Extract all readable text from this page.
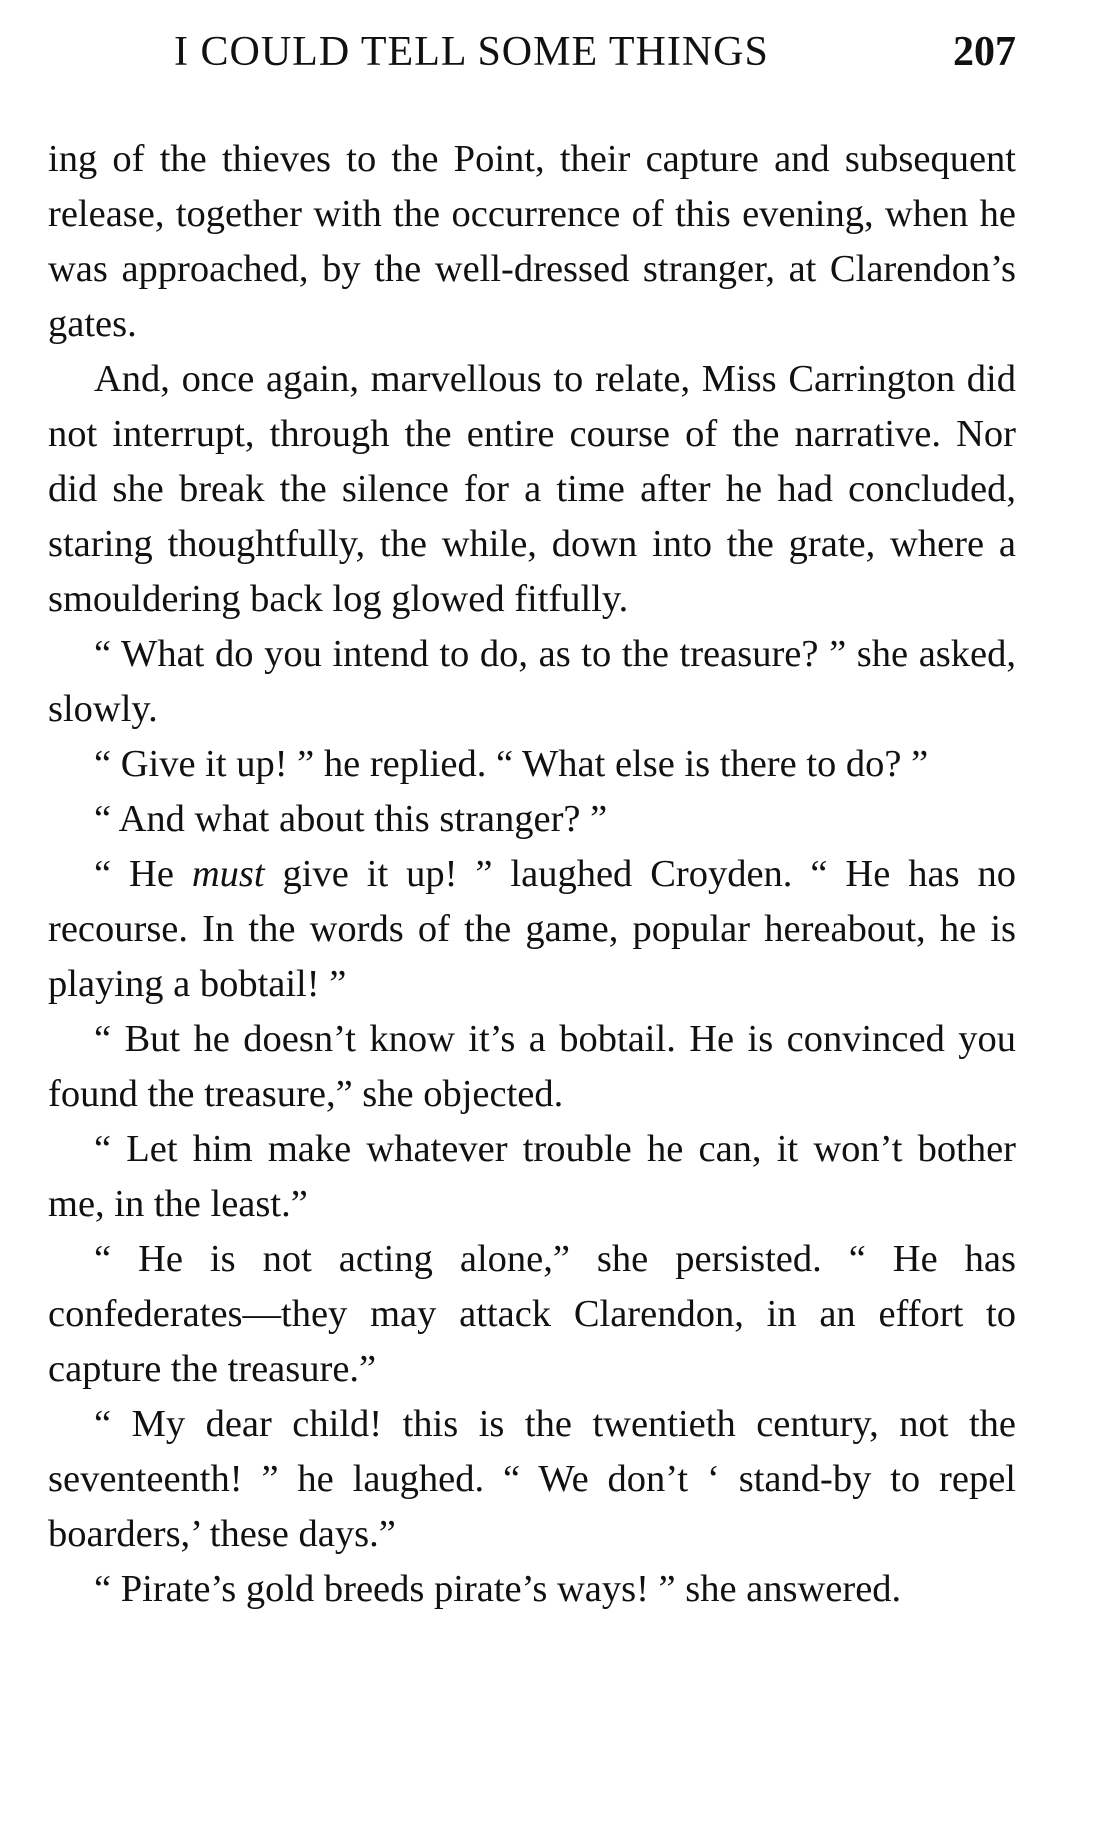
I COULD TELL SOME THINGS	207

ing of the thieves to the Point, their capture and subsequent release, together with the occurrence of this evening, when he was approached, by the well-dressed stranger, at Clarendon’s gates.

And, once again, marvellous to relate, Miss Carrington did not interrupt, through the entire course of the narrative. Nor did she break the silence for a time after he had concluded, staring thoughtfully, the while, down into the grate, where a smouldering back log glowed fitfully.

“ What do you intend to do, as to the treasure? ” she asked, slowly.

“ Give it up! ” he replied. “ What else is there to do? ”

“ And what about this stranger? ”

“ He must give it up! ” laughed Croyden. “ He has no recourse. In the words of the game, popular hereabout, he is playing a bobtail! ”

“ But he doesn’t know it’s a bobtail. He is convinced you found the treasure,” she objected.

“ Let him make whatever trouble he can, it won’t bother me, in the least.”

“ He is not acting alone,” she persisted. “ He has confederates—they may attack Clarendon, in an effort to capture the treasure.”

“ My dear child! this is the twentieth century, not the seventeenth! ” he laughed. “ We don’t ‘ stand-by to repel boarders,’ these days.”

“ Pirate’s gold breeds pirate’s ways! ” she answered.
